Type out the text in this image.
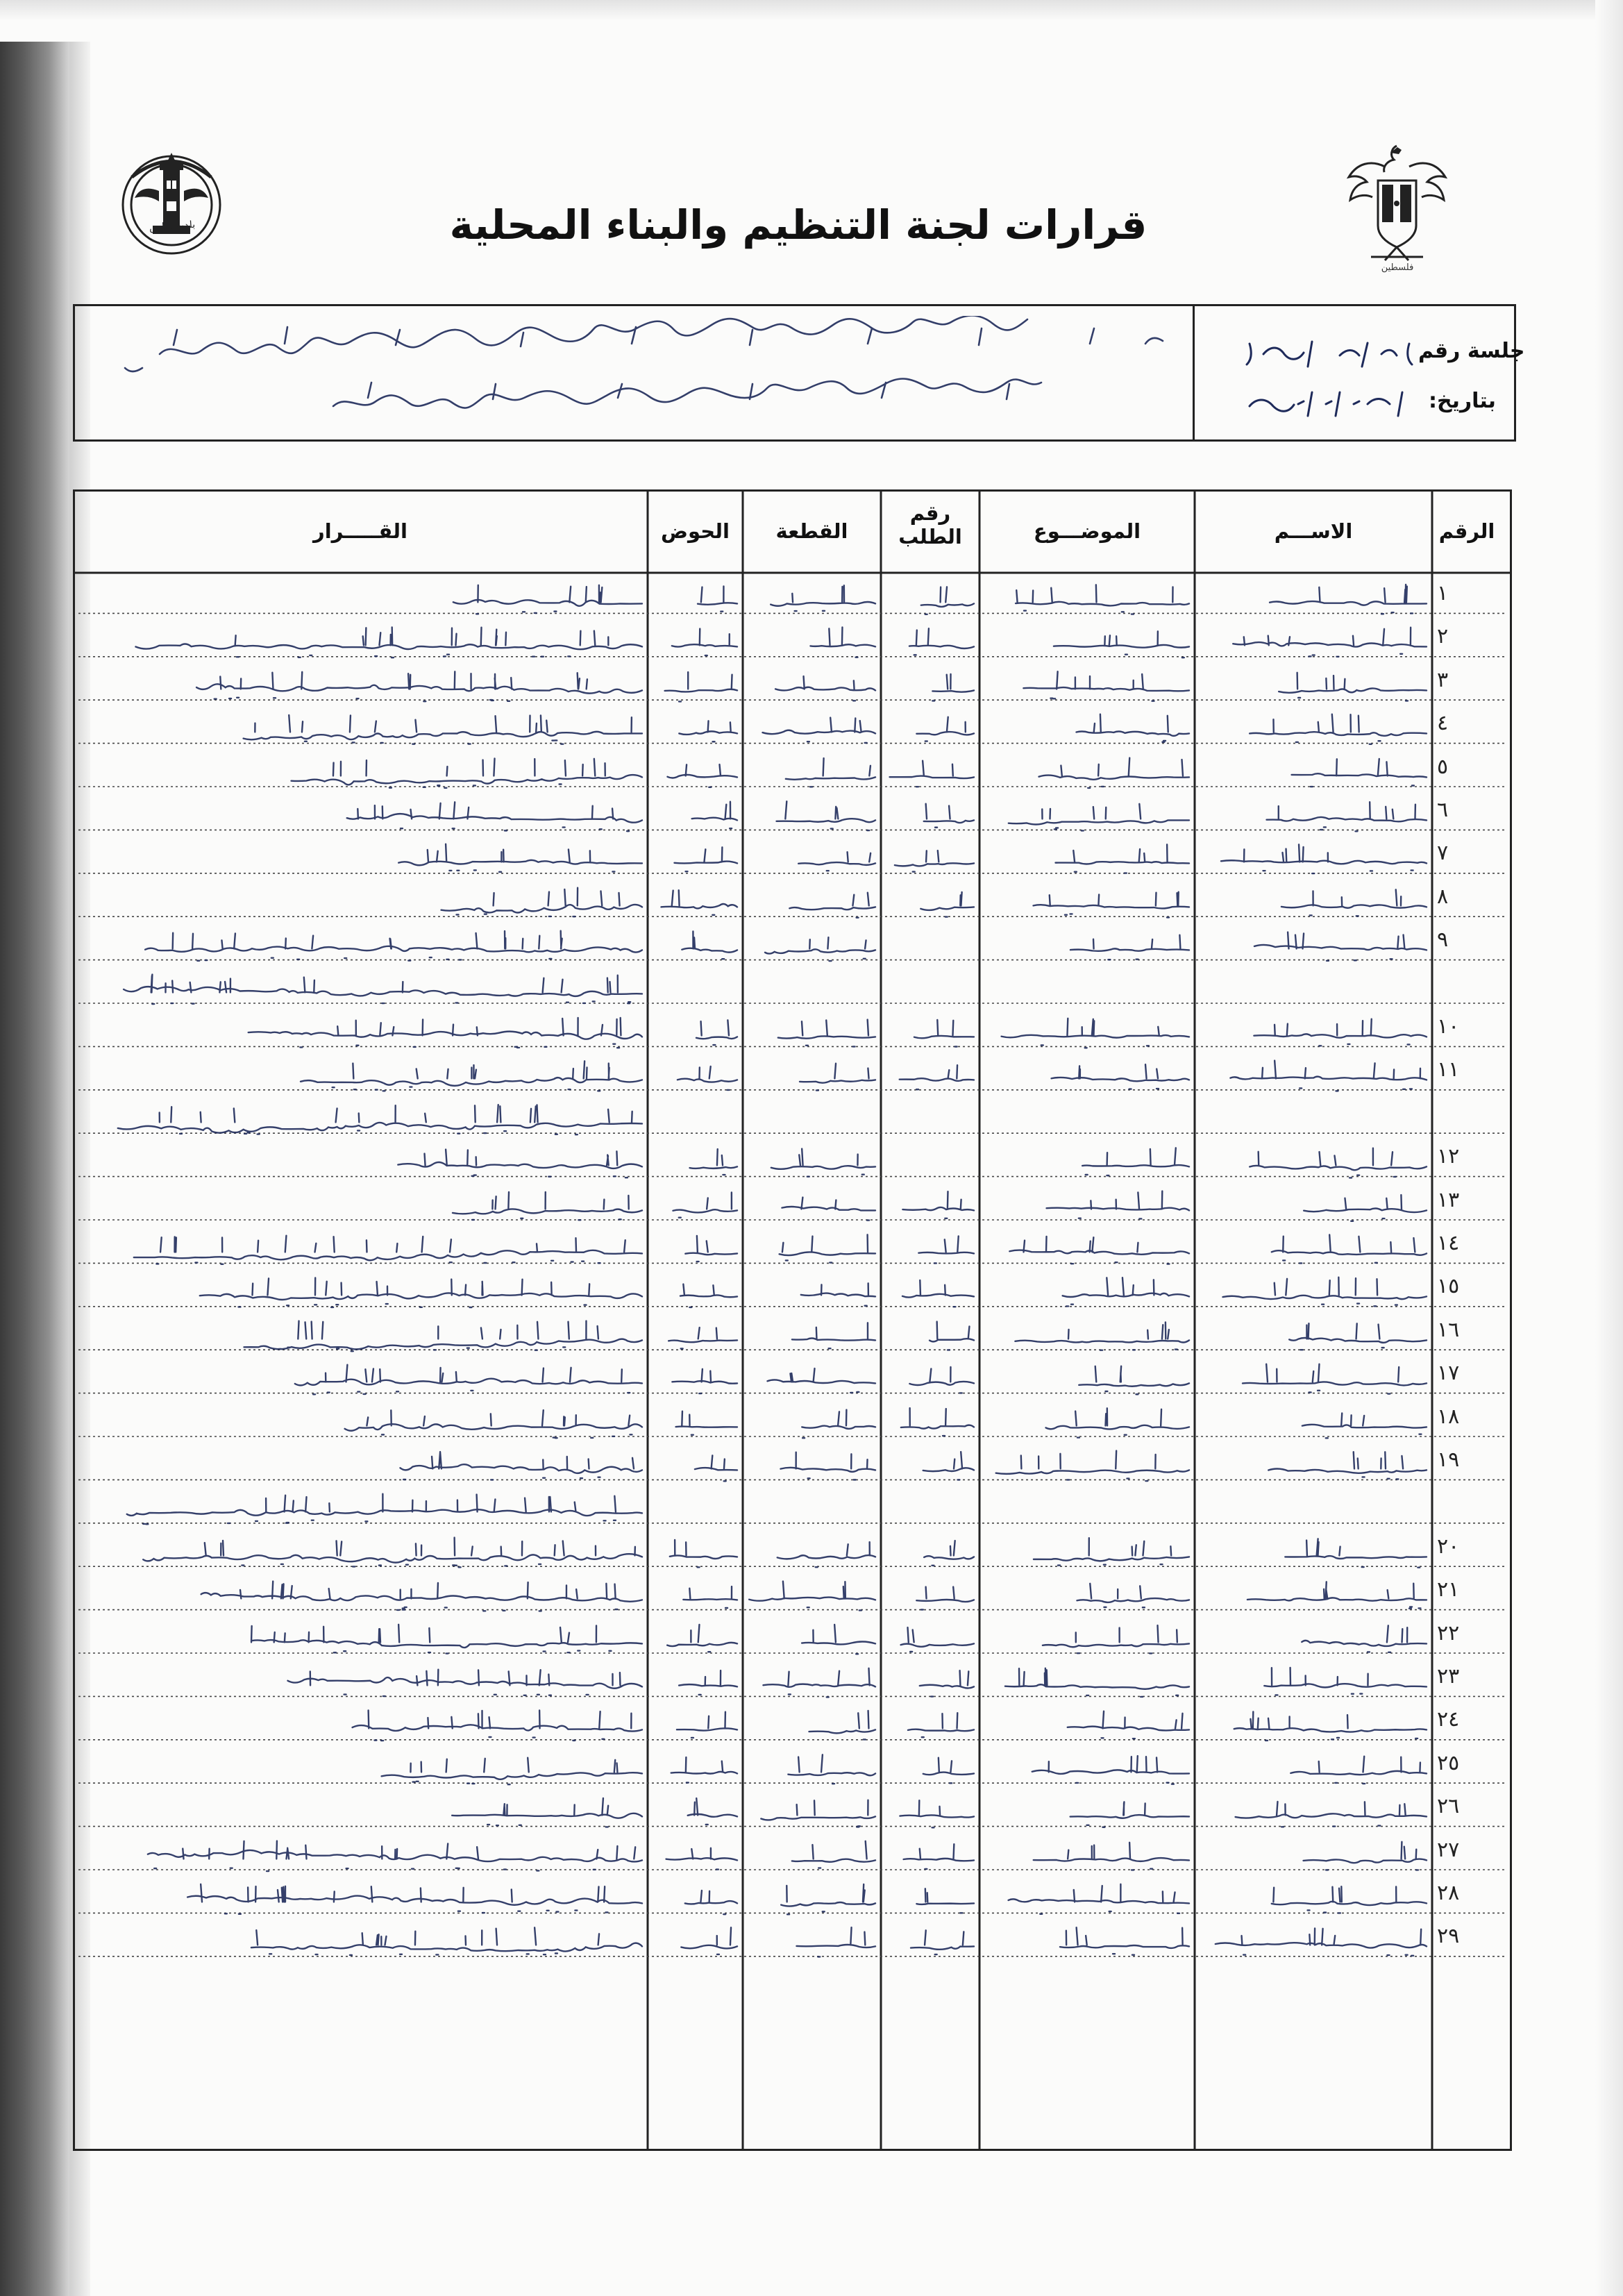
فلسطين
بلدية نابلس	قرارات لجنة التنظيم والبناء المحلية
جلسة رقم
بتاريخ:
الرقم
الاســـم
الموضـــوع
رقم
الطلب
القطعة
الحوض
القـــــرار
١
٢
٣
٤
٥
٦
٧
٨
٩
١٠
١١
١٢
١٣
١٤
١٥
١٦
١٧
١٨
١٩
٢٠
٢١
٢٢
٢٣
٢٤
٢٥
٢٦
٢٧
٢٨
٢٩
